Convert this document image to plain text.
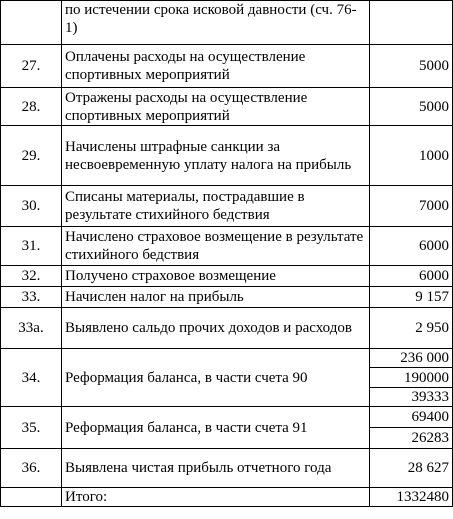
	по истечении срока исковой давности (сч. 76-1)	
27.	Оплачены расходы на осуществление спортивных мероприятий	5000
28.	Отражены расходы на осуществление спортивных мероприятий	5000
29.	Начислены штрафные санкции за несвоевременную уплату налога на прибыль	1000
30.	Списаны материалы, пострадавшие в результате стихийного бедствия	7000
31.	Начислено страховое возмещение в результате стихийного бедствия	6000
32.	Получено страховое возмещение	6000
33.	Начислен налог на прибыль	9 157
33а.	Выявлено сальдо прочих доходов и расходов	2 950
34.	Реформация баланса, в части счета 90	236 000
		190000
		39333
35.	Реформация баланса, в части счета 91	69400
		26283
36.	Выявлена чистая прибыль отчетного года	28 627
	Итого:	1332480
